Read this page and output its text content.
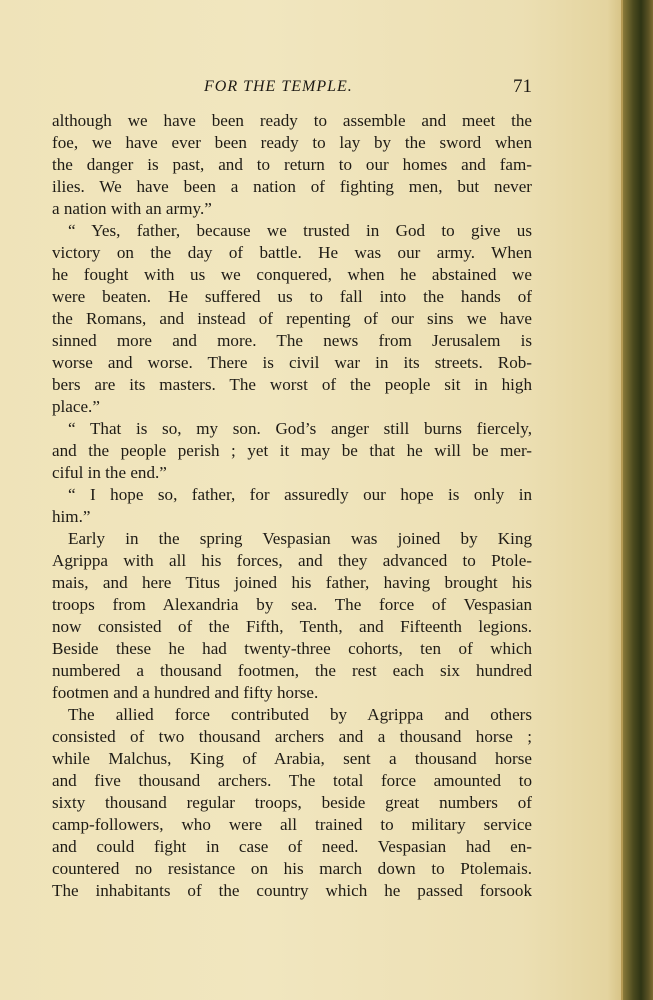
FOR THE TEMPLE.	71
although we have been ready to assemble and meet the
foe, we have ever been ready to lay by the sword when
the danger is past, and to return to our homes and fam-
ilies. We have been a nation of fighting men, but never
a nation with an army.”
“ Yes, father, because we trusted in God to give us
victory on the day of battle. He was our army. When
he fought with us we conquered, when he abstained we
were beaten. He suffered us to fall into the hands of
the Romans, and instead of repenting of our sins we have
sinned more and more. The news from Jerusalem is
worse and worse. There is civil war in its streets. Rob-
bers are its masters. The worst of the people sit in high
place.”
“ That is so, my son. God’s anger still burns fiercely,
and the people perish ; yet it may be that he will be mer-
ciful in the end.”
“ I hope so, father, for assuredly our hope is only in
him.”
Early in the spring Vespasian was joined by King
Agrippa with all his forces, and they advanced to Ptole-
mais, and here Titus joined his father, having brought his
troops from Alexandria by sea. The force of Vespasian
now consisted of the Fifth, Tenth, and Fifteenth legions.
Beside these he had twenty-three cohorts, ten of which
numbered a thousand footmen, the rest each six hundred
footmen and a hundred and fifty horse.
The allied force contributed by Agrippa and others
consisted of two thousand archers and a thousand horse ;
while Malchus, King of Arabia, sent a thousand horse
and five thousand archers. The total force amounted to
sixty thousand regular troops, beside great numbers of
camp-followers, who were all trained to military service
and could fight in case of need. Vespasian had en-
countered no resistance on his march down to Ptolemais.
The inhabitants of the country which he passed forsook
